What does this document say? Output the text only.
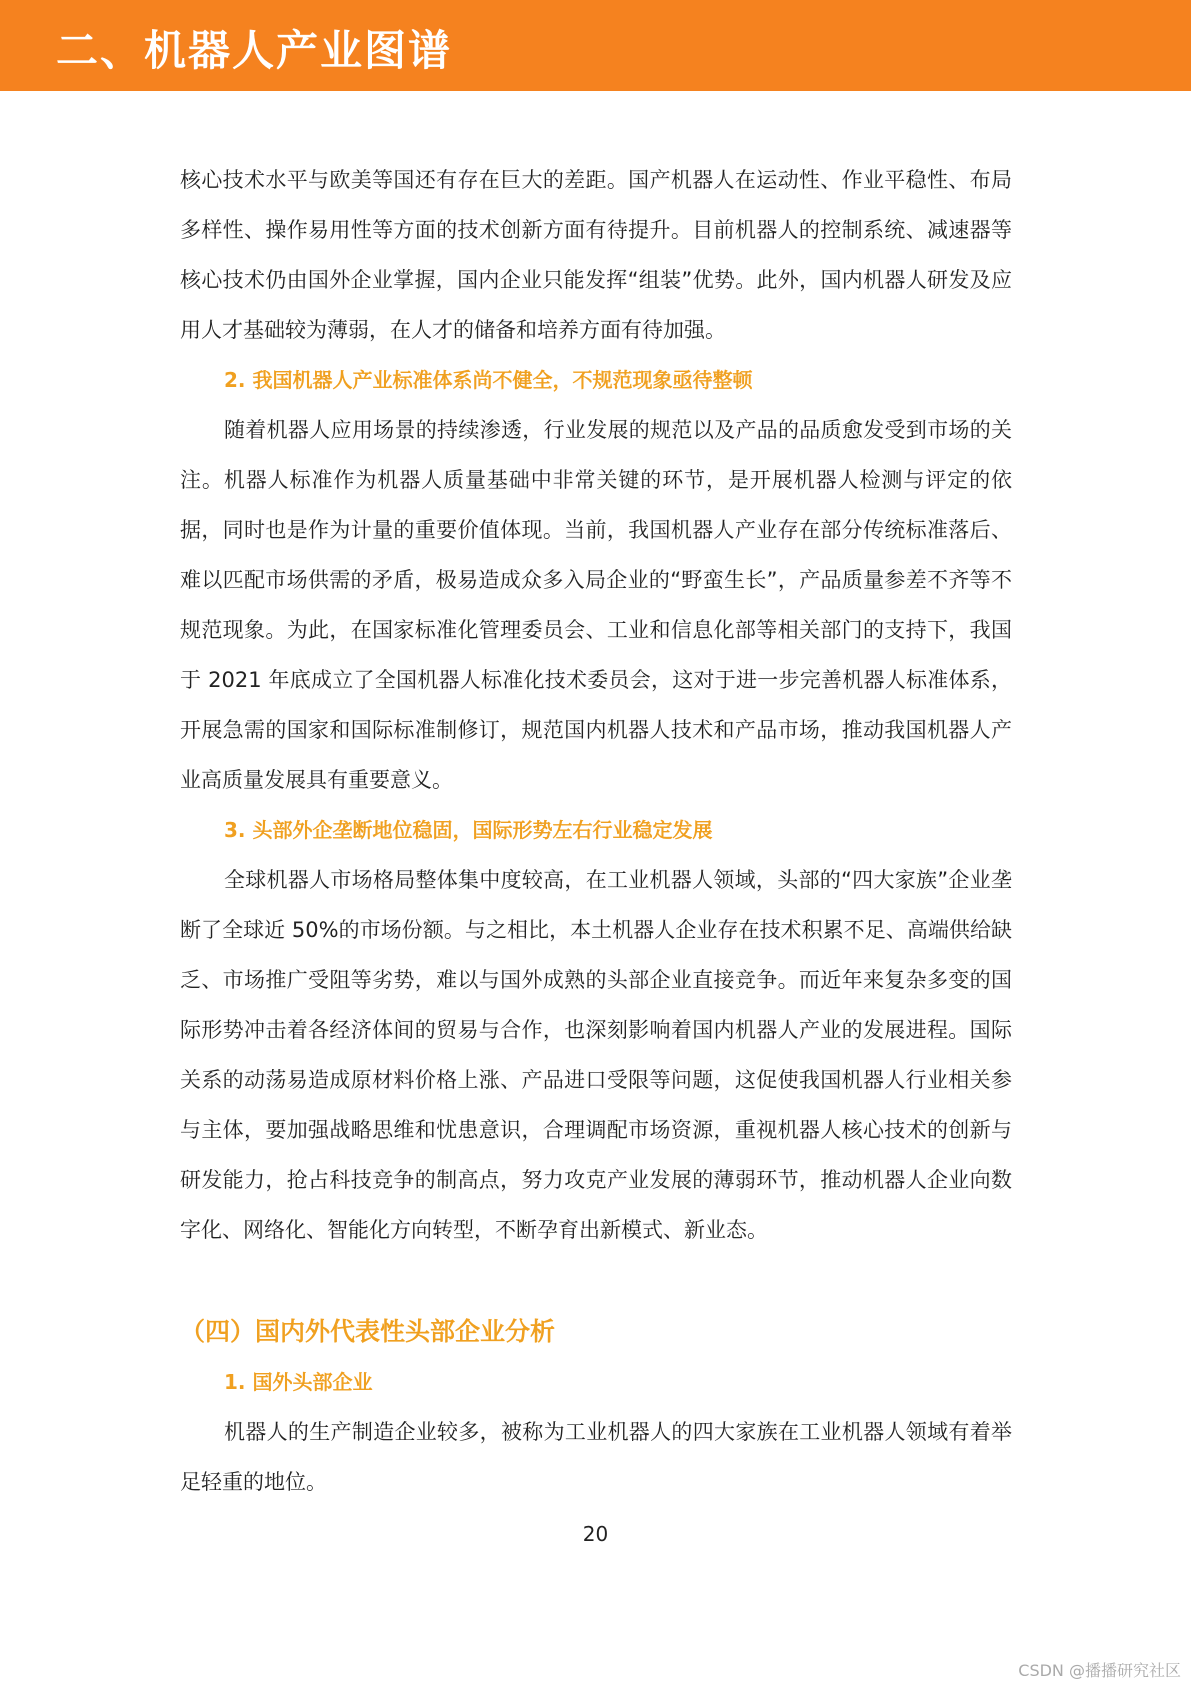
二、机器人产业图谱

核心技术水平与欧美等国还有存在巨大的差距。国产机器人在运动性、作业平稳性、布局多样性、操作易用性等方面的技术创新方面有待提升。目前机器人的控制系统、减速器等核心技术仍由国外企业掌握，国内企业只能发挥“组装”优势。此外，国内机器人研发及应用人才基础较为薄弱，在人才的储备和培养方面有待加强。

2. 我国机器人产业标准体系尚不健全，不规范现象亟待整顿

随着机器人应用场景的持续渗透，行业发展的规范以及产品的品质愈发受到市场的关注。机器人标准作为机器人质量基础中非常关键的环节，是开展机器人检测与评定的依据，同时也是作为计量的重要价值体现。当前，我国机器人产业存在部分传统标准落后、难以匹配市场供需的矛盾，极易造成众多入局企业的“野蛮生长”，产品质量参差不齐等不规范现象。为此，在国家标准化管理委员会、工业和信息化部等相关部门的支持下，我国于 2021 年底成立了全国机器人标准化技术委员会，这对于进一步完善机器人标准体系，开展急需的国家和国际标准制修订，规范国内机器人技术和产品市场，推动我国机器人产业高质量发展具有重要意义。

3. 头部外企垄断地位稳固，国际形势左右行业稳定发展

全球机器人市场格局整体集中度较高，在工业机器人领域，头部的“四大家族”企业垄断了全球近 50%的市场份额。与之相比，本土机器人企业存在技术积累不足、高端供给缺乏、市场推广受阻等劣势，难以与国外成熟的头部企业直接竞争。而近年来复杂多变的国际形势冲击着各经济体间的贸易与合作，也深刻影响着国内机器人产业的发展进程。国际关系的动荡易造成原材料价格上涨、产品进口受限等问题，这促使我国机器人行业相关参与主体，要加强战略思维和忧患意识，合理调配市场资源，重视机器人核心技术的创新与研发能力，抢占科技竞争的制高点，努力攻克产业发展的薄弱环节，推动机器人企业向数字化、网络化、智能化方向转型，不断孕育出新模式、新业态。

（四）国内外代表性头部企业分析

1. 国外头部企业

机器人的生产制造企业较多，被称为工业机器人的四大家族在工业机器人领域有着举足轻重的地位。

20
CSDN @播播研究社区
